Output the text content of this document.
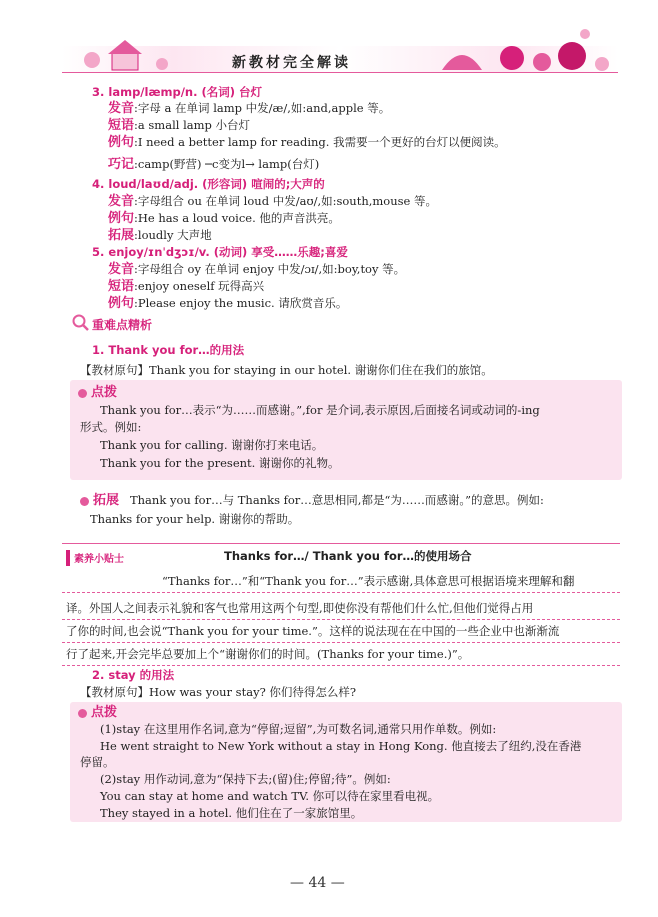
新教材完全解读
3. lamp/læmp/n. (名词) 台灯
发音:字母 a 在单词 lamp 中发/æ/,如:and,apple 等。
短语:a small lamp 小台灯
例句:I need a better lamp for reading. 我需要一个更好的台灯以便阅读。
巧记:camp(野营) ─c变为l→ lamp(台灯)
4. loud/laʊd/adj. (形容词) 喧闹的;大声的
发音:字母组合 ou 在单词 loud 中发/aʊ/,如:south,mouse 等。
例句:He has a loud voice. 他的声音洪亮。
拓展:loudly 大声地
5. enjoy/ɪnˈdʒɔɪ/v. (动词) 享受……乐趣;喜爱
发音:字母组合 oy 在单词 enjoy 中发/ɔɪ/,如:boy,toy 等。
短语:enjoy oneself 玩得高兴
例句:Please enjoy the music. 请欣赏音乐。
重难点精析
1. Thank you for…的用法
【教材原句】Thank you for staying in our hotel. 谢谢你们住在我们的旅馆。
点拨
Thank you for…表示“为……而感谢。”,for 是介词,表示原因,后面接名词或动词的-ing
形式。例如:
Thank you for calling. 谢谢你打来电话。
Thank you for the present. 谢谢你的礼物。
拓展 Thank you for…与 Thanks for…意思相同,都是“为……而感谢。”的意思。例如:
Thanks for your help. 谢谢你的帮助。
素养小贴士	Thanks for…/ Thank you for…的使用场合
“Thanks for…”和“Thank you for…”表示感谢,具体意思可根据语境来理解和翻
译。外国人之间表示礼貌和客气也常用这两个句型,即使你没有帮他们什么忙,但他们觉得占用
了你的时间,也会说“Thank you for your time.”。这样的说法现在在中国的一些企业中也渐渐流
行了起来,开会完毕总要加上个“谢谢你们的时间。(Thanks for your time.)”。
2. stay 的用法
【教材原句】How was your stay? 你们待得怎么样?
点拨
(1)stay 在这里用作名词,意为“停留;逗留”,为可数名词,通常只用作单数。例如:
He went straight to New York without a stay in Hong Kong. 他直接去了纽约,没在香港
停留。
(2)stay 用作动词,意为“保持下去;(留)住;停留;待”。例如:
You can stay at home and watch TV. 你可以待在家里看电视。
They stayed in a hotel. 他们住在了一家旅馆里。
— 44 —
